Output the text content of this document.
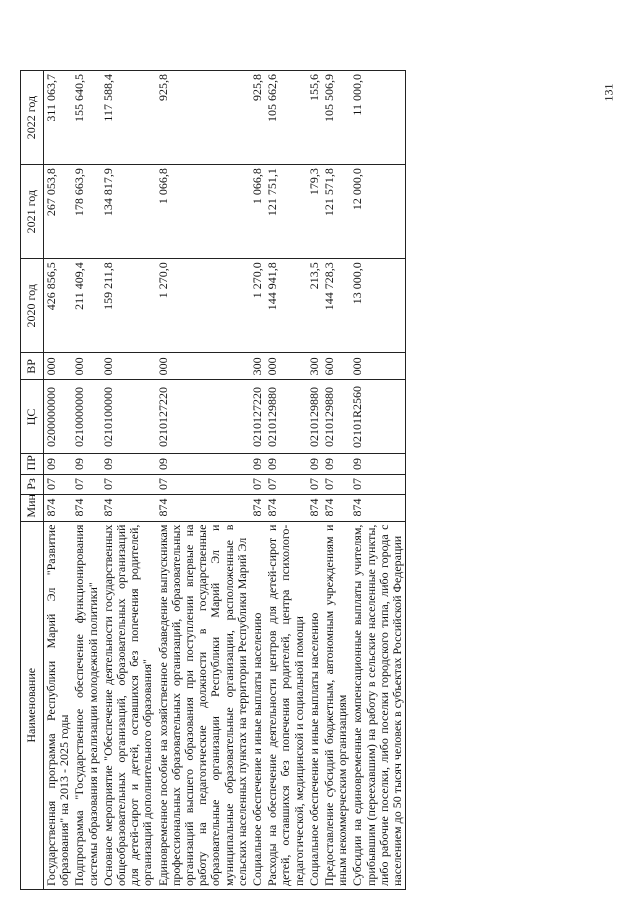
131
Наименование	Мин	Рз	ПР	ЦС	ВР	2020 год	2021 год	2022 год
Государственная программа Республики Марий Эл "Развитие образования" на 2013 - 2025 годы	874	07	09	0200000000	000	426 856,5	267 053,8	311 063,7
Подпрограмма "Государственное обеспечение функционирования системы образования и реализации молодежной политики"	874	07	09	0210000000	000	211 409,4	178 663,9	155 640,5
Основное мероприятие "Обеспечение деятельности государственных общеобразовательных организаций, образовательных организаций для детей-сирот и детей, оставшихся без попечения родителей, организаций дополнительного образования"	874	07	09	0210100000	000	159 211,8	134 817,9	117 588,4
Единовременное пособие на хозяйственное обзаведение выпускникам профессиональных образовательных организаций, образовательных организаций высшего образования при поступлении впервые на работу на педагогические должности в государственные образовательные организации Республики Марий Эл и муниципальные образовательные организации, расположенные в сельских населенных пунктах на территории Республики Марий Эл	874	07	09	0210127220	000	1 270,0	1 066,8	925,8
Социальное обеспечение и иные выплаты населению	874	07	09	0210127220	300	1 270,0	1 066,8	925,8
Расходы на обеспечение деятельности центров для детей-сирот и детей, оставшихся без попечения родителей, центра психолого-педагогической, медицинской и социальной помощи	874	07	09	0210129880	000	144 941,8	121 751,1	105 662,6
Социальное обеспечение и иные выплаты населению	874	07	09	0210129880	300	213,5	179,3	155,6
Предоставление субсидий бюджетным, автономным учреждениям и иным некоммерческим организациям	874	07	09	0210129880	600	144 728,3	121 571,8	105 506,9
Субсидии на единовременные компенсационные выплаты учителям, прибывшим (переехавшим) на работу в сельские населенные пункты, либо рабочие поселки, либо поселки городского типа, либо города с населением до 50 тысяч человек в субъектах Российской Федерации	874	07	09	02101R2560	000	13 000,0	12 000,0	11 000,0
